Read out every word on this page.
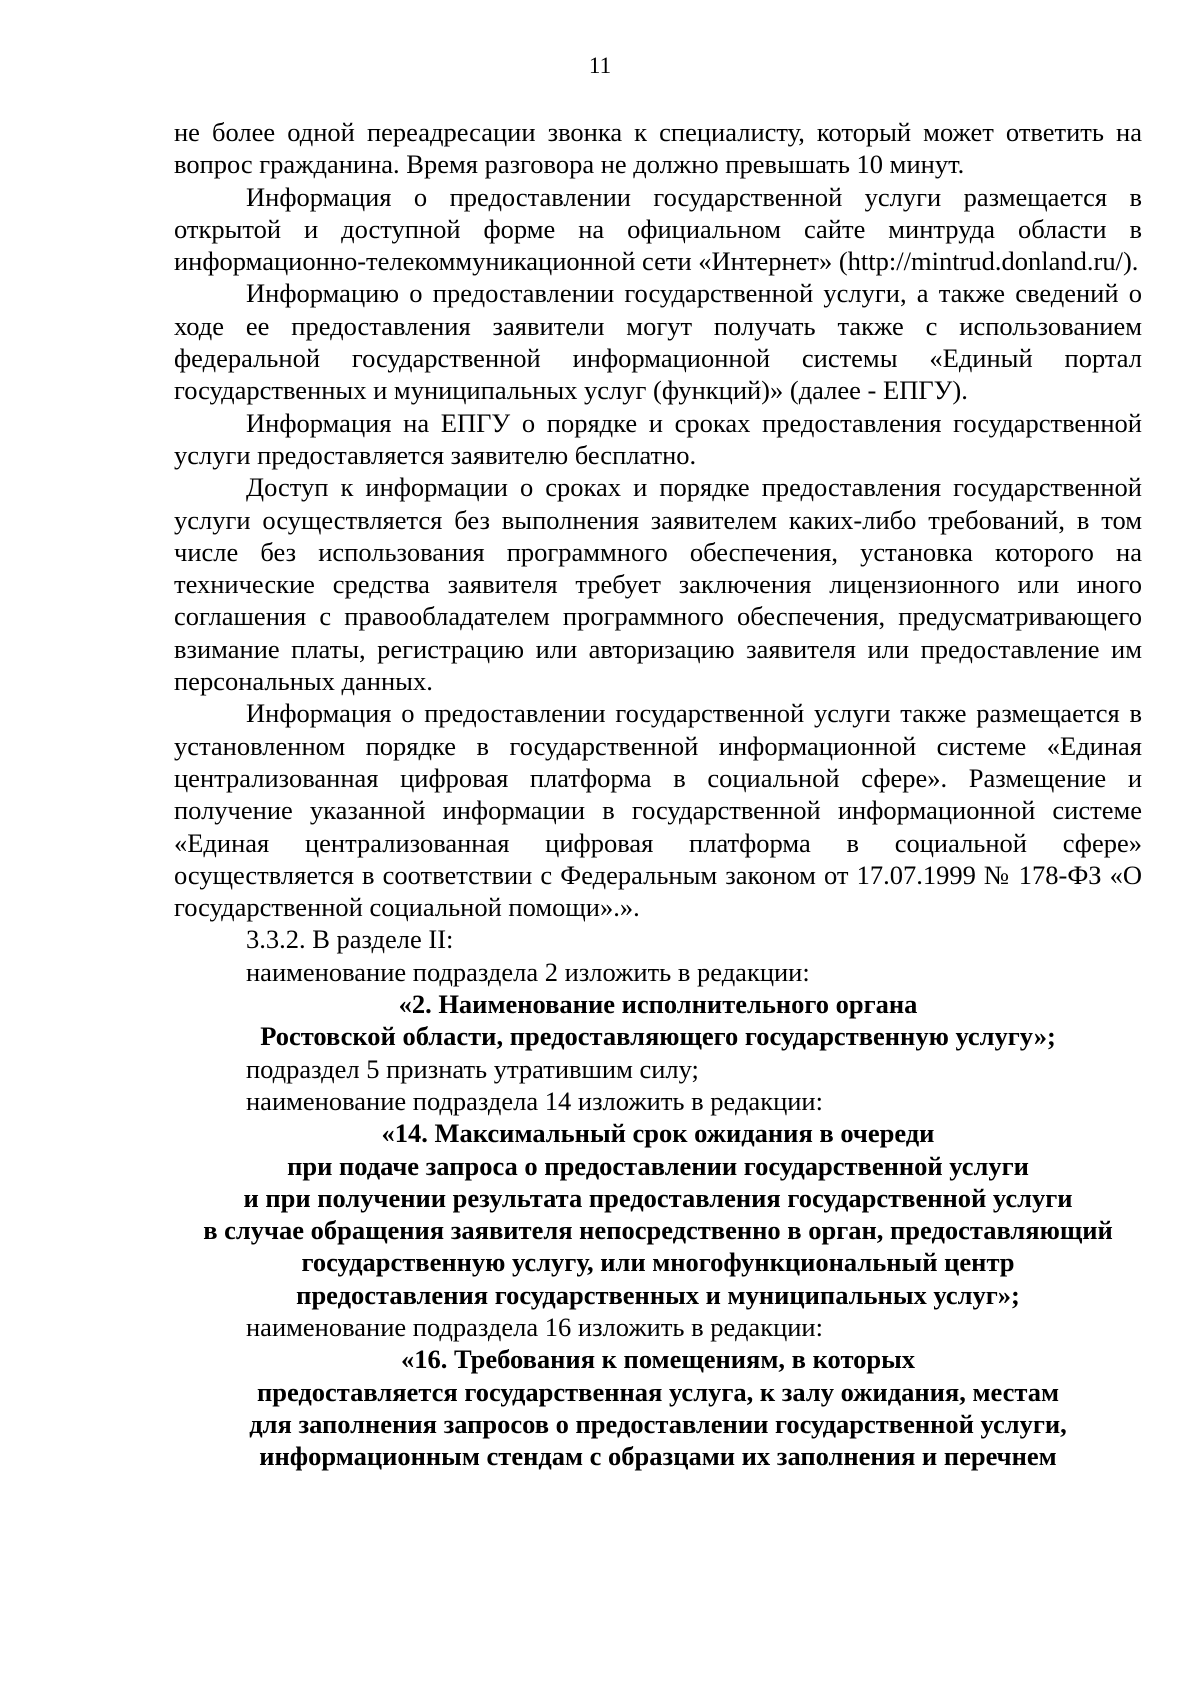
11

не более одной переадресации звонка к специалисту, который может ответить на вопрос гражданина. Время разговора не должно превышать 10 минут.

Информация о предоставлении государственной услуги размещается в открытой и доступной форме на официальном сайте минтруда области в информационно-телекоммуникационной сети «Интернет» (http://mintrud.donland.ru/).

Информацию о предоставлении государственной услуги, а также сведений о ходе ее предоставления заявители могут получать также с использованием федеральной государственной информационной системы «Единый портал государственных и муниципальных услуг (функций)» (далее - ЕПГУ).

Информация на ЕПГУ о порядке и сроках предоставления государственной услуги предоставляется заявителю бесплатно.

Доступ к информации о сроках и порядке предоставления государственной услуги осуществляется без выполнения заявителем каких-либо требований, в том числе без использования программного обеспечения, установка которого на технические средства заявителя требует заключения лицензионного или иного соглашения с правообладателем программного обеспечения, предусматривающего взимание платы, регистрацию или авторизацию заявителя или предоставление им персональных данных.

Информация о предоставлении государственной услуги также размещается в установленном порядке в государственной информационной системе «Единая централизованная цифровая платформа в социальной сфере». Размещение и получение указанной информации в государственной информационной системе «Единая централизованная цифровая платформа в социальной сфере» осуществляется в соответствии с Федеральным законом от 17.07.1999 № 178-ФЗ «О государственной социальной помощи».».

3.3.2. В разделе II:

наименование подраздела 2 изложить в редакции:

«2. Наименование исполнительного органа
Ростовской области, предоставляющего государственную услугу»;

подраздел 5 признать утратившим силу;

наименование подраздела 14 изложить в редакции:

«14. Максимальный срок ожидания в очереди
при подаче запроса о предоставлении государственной услуги
и при получении результата предоставления государственной услуги
в случае обращения заявителя непосредственно в орган, предоставляющий
государственную услугу, или многофункциональный центр
предоставления государственных и муниципальных услуг»;

наименование подраздела 16 изложить в редакции:

«16. Требования к помещениям, в которых
предоставляется государственная услуга, к залу ожидания, местам
для заполнения запросов о предоставлении государственной услуги,
информационным стендам с образцами их заполнения и перечнем
